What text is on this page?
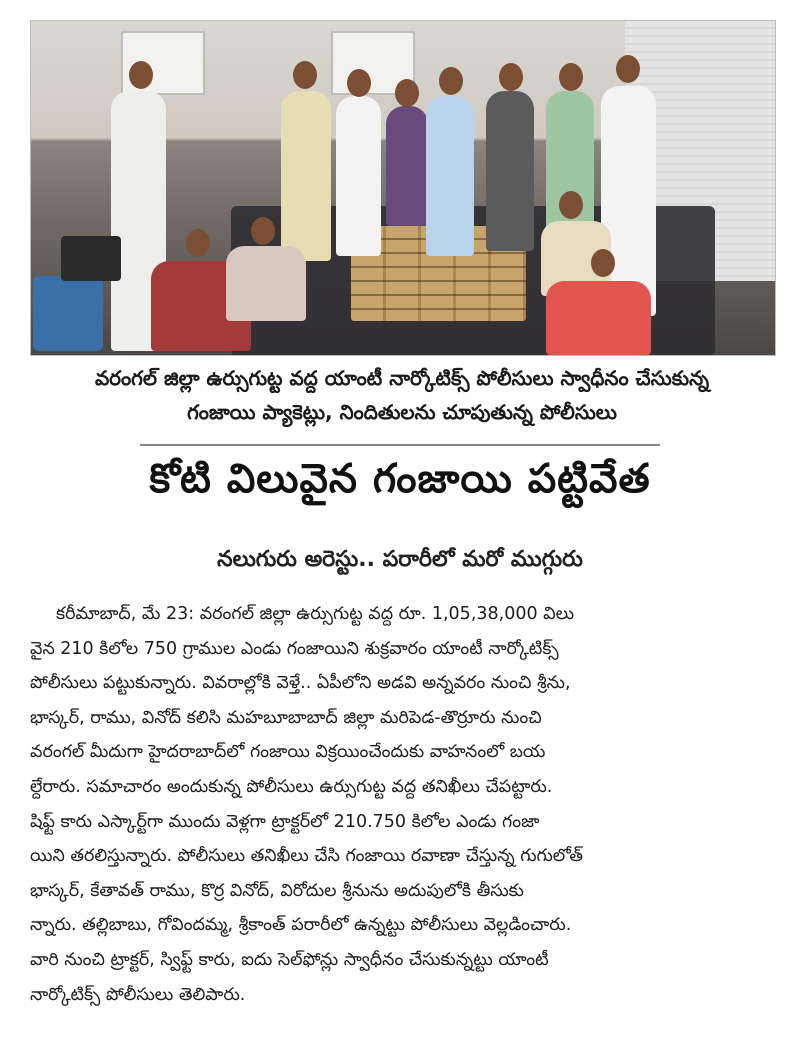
వరంగల్ జిల్లా ఉర్సుగుట్ట వద్ద యాంటీ నార్కోటిక్స్ పోలీసులు స్వాధీనం చేసుకున్న
గంజాయి ప్యాకెట్లు, నిందితులను చూపుతున్న పోలీసులు
కోటి విలువైన గంజాయి పట్టివేత
నలుగురు అరెస్టు.. పరారీలో మరో ముగ్గురు
కరీమాబాద్, మే 23: వరంగల్ జిల్లా ఉర్సుగుట్ట వద్ద రూ. 1,05,38,000 విలు
వైన 210 కిలోల 750 గ్రాముల ఎండు గంజాయిని శుక్రవారం యాంటీ నార్కోటిక్స్
పోలీసులు పట్టుకున్నారు. వివరాల్లోకి వెళ్తే.. ఏపీలోని అడవి అన్నవరం నుంచి శ్రీను,
భాస్కర్, రాము, వినోద్ కలిసి మహబూబాబాద్ జిల్లా మరిపెడ-తొర్రూరు నుంచి
వరంగల్ మీదుగా హైదరాబాద్‌లో గంజాయి విక్రయించేందుకు వాహనంలో బయ
ల్దేరారు. సమాచారం అందుకున్న పోలీసులు ఉర్సుగుట్ట వద్ద తనిఖీలు చేపట్టారు.
షిఫ్ట్ కారు ఎస్కార్ట్‌గా ముందు వెళ్లగా ట్రాక్టర్‌లో 210.750 కిలోల ఎండు గంజా
యిని తరలిస్తున్నారు. పోలీసులు తనిఖీలు చేసి గంజాయి రవాణా చేస్తున్న గుగులోత్
భాస్కర్, కేతావత్ రాము, కొర్ర వినోద్, విరోదుల శ్రీనును అదుపులోకి తీసుకు
న్నారు. తల్లిబాబు, గోవిందమ్మ, శ్రీకాంత్ పరారీలో ఉన్నట్టు పోలీసులు వెల్లడించారు.
వారి నుంచి ట్రాక్టర్, స్విఫ్ట్ కారు, ఐదు సెల్‌ఫోన్లు స్వాధీనం చేసుకున్నట్టు యాంటీ
నార్కోటిక్స్ పోలీసులు తెలిపారు.
